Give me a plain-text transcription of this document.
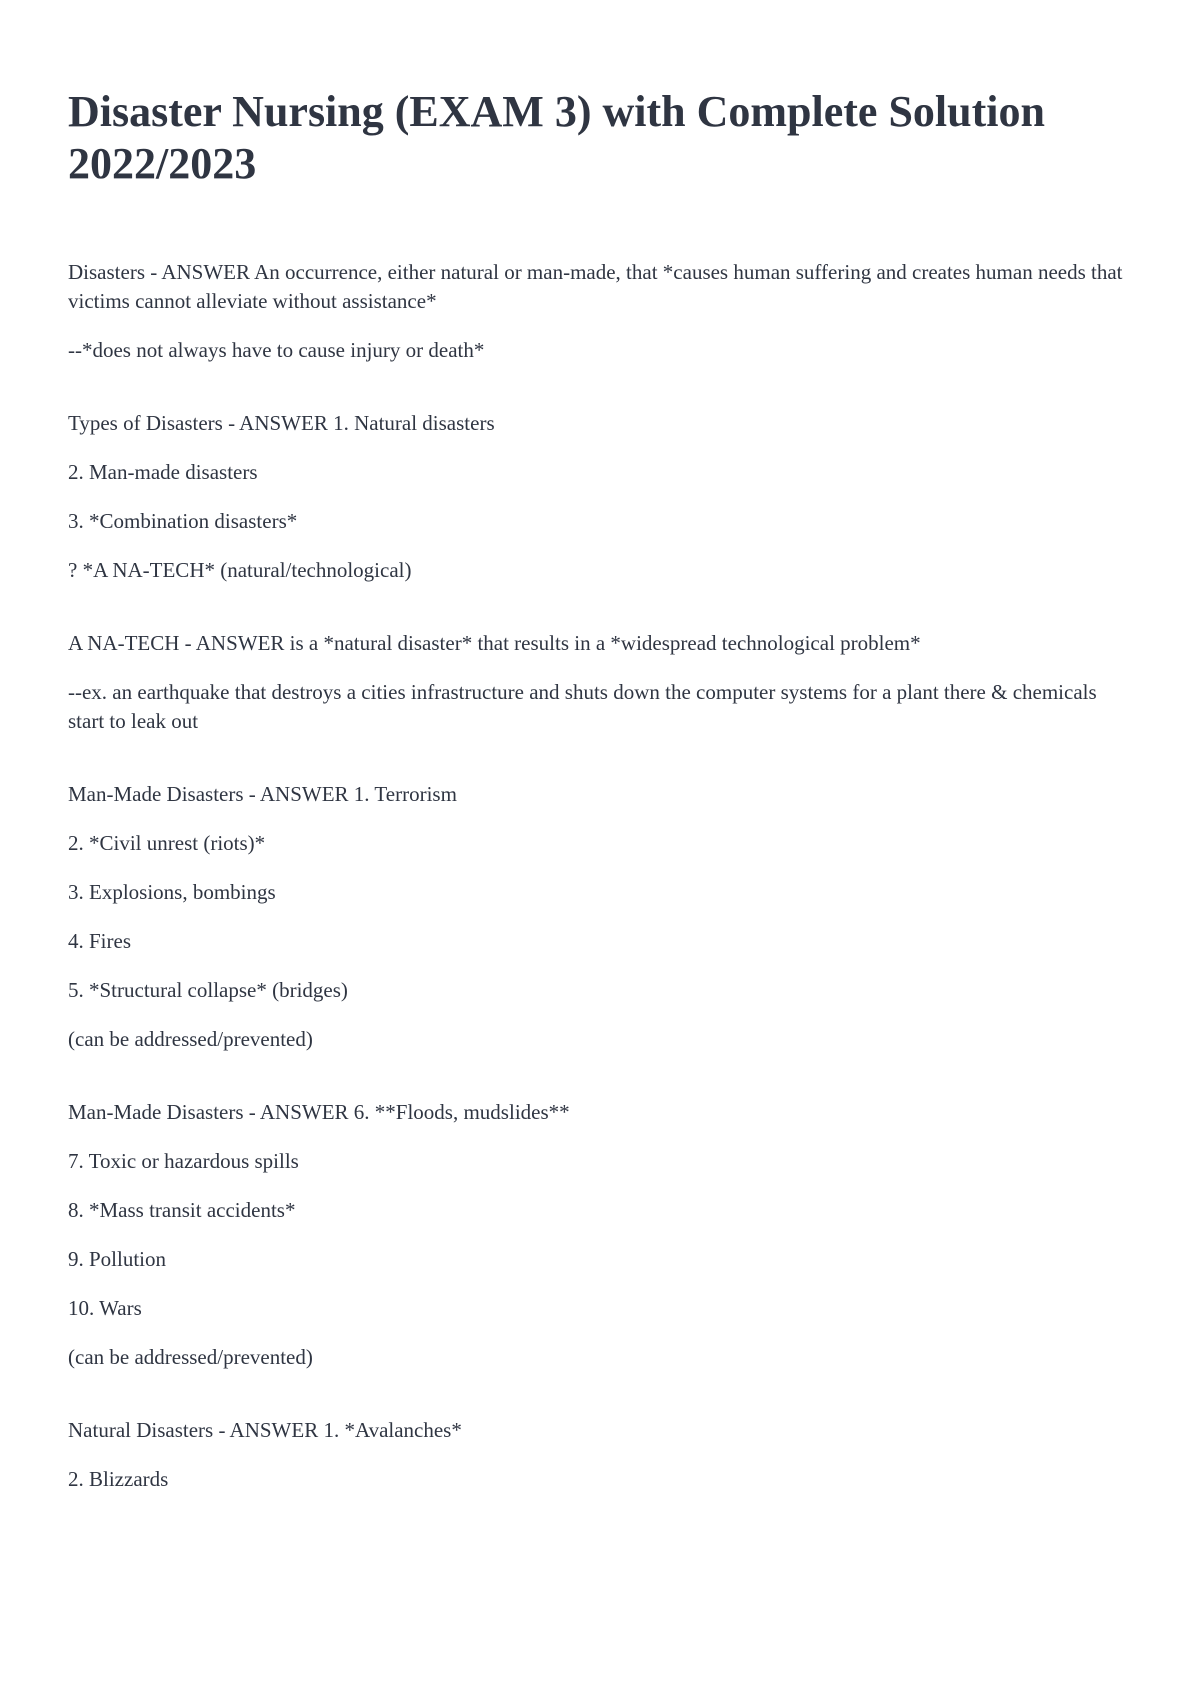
Disaster Nursing (EXAM 3) with Complete Solution 2022/2023

Disasters - ANSWER An occurrence, either natural or man-made, that *causes human suffering and creates human needs that victims cannot alleviate without assistance*

--*does not always have to cause injury or death*

Types of Disasters - ANSWER 1. Natural disasters

2. Man-made disasters

3. *Combination disasters*

? *A NA-TECH* (natural/technological)

A NA-TECH - ANSWER is a *natural disaster* that results in a *widespread technological problem*

--ex. an earthquake that destroys a cities infrastructure and shuts down the computer systems for a plant there & chemicals start to leak out

Man-Made Disasters - ANSWER 1. Terrorism

2. *Civil unrest (riots)*

3. Explosions, bombings

4. Fires

5. *Structural collapse* (bridges)

(can be addressed/prevented)

Man-Made Disasters - ANSWER 6. **Floods, mudslides**

7. Toxic or hazardous spills

8. *Mass transit accidents*

9. Pollution

10. Wars

(can be addressed/prevented)

Natural Disasters - ANSWER 1. *Avalanches*

2. Blizzards
